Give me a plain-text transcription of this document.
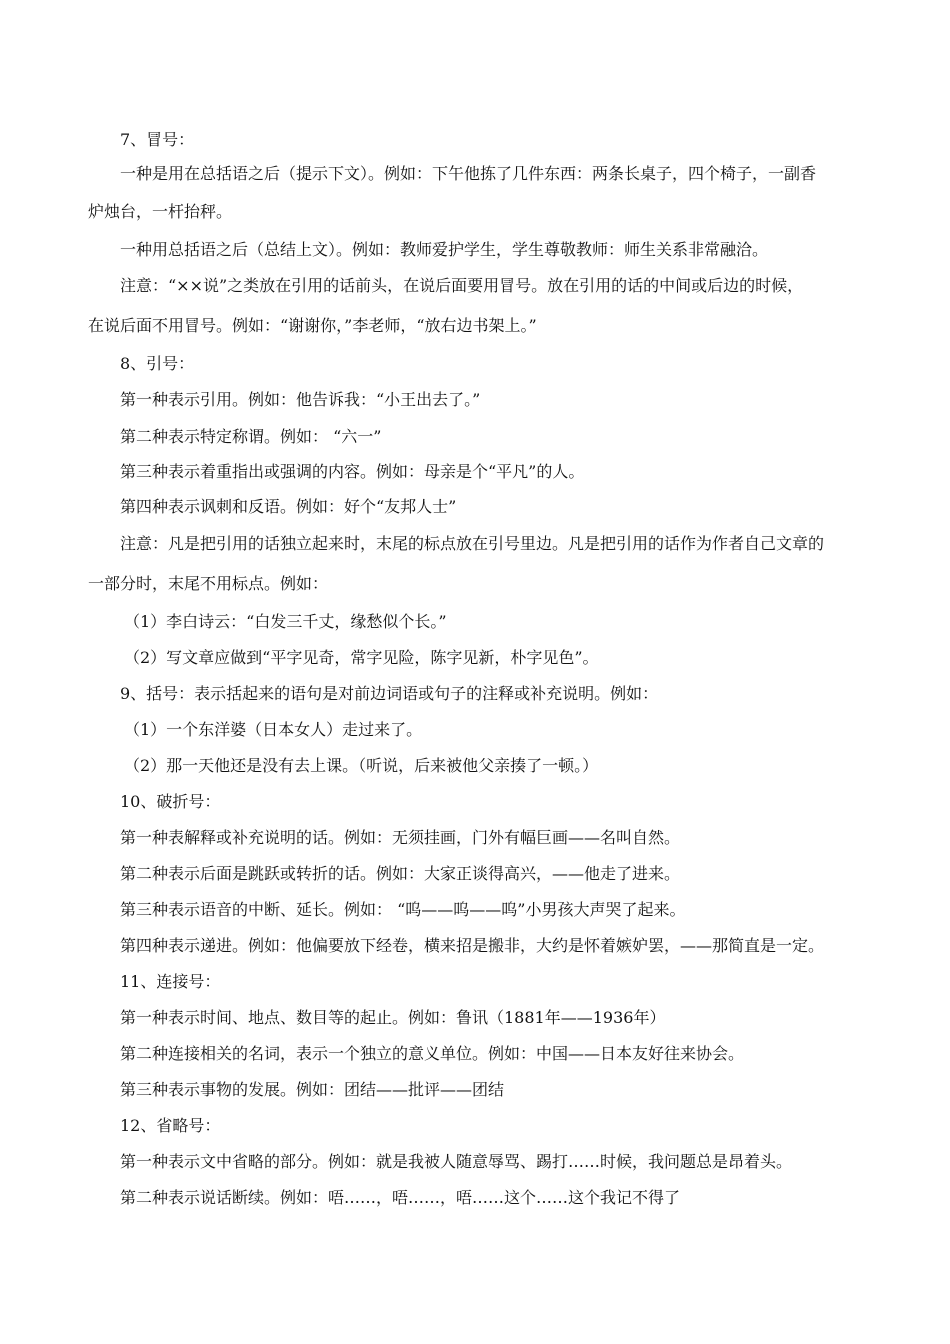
7、冒号：
一种是用在总括语之后（提示下文）。例如：下午他拣了几件东西：两条长桌子，四个椅子，一副香
炉烛台，一杆抬秤。
一种用总括语之后（总结上文）。例如：教师爱护学生，学生尊敬教师：师生关系非常融洽。
注意：“××说”之类放在引用的话前头，在说后面要用冒号。放在引用的话的中间或后边的时候，
在说后面不用冒号。例如：“谢谢你，”李老师，“放右边书架上。”
8、引号：
第一种表示引用。例如：他告诉我：“小王出去了。”
第二种表示特定称谓。例如： “六一”
第三种表示着重指出或强调的内容。例如：母亲是个“平凡”的人。
第四种表示讽刺和反语。例如：好个“友邦人士”
注意：凡是把引用的话独立起来时，末尾的标点放在引号里边。凡是把引用的话作为作者自己文章的
一部分时，末尾不用标点。例如：
（1）李白诗云：“白发三千丈，缘愁似个长。”
（2）写文章应做到“平字见奇，常字见险，陈字见新，朴字见色”。
9、括号：表示括起来的语句是对前边词语或句子的注释或补充说明。例如：
（1）一个东洋婆（日本女人）走过来了。
（2）那一天他还是没有去上课。（听说，后来被他父亲揍了一顿。）
10、破折号：
第一种表解释或补充说明的话。例如：无须挂画，门外有幅巨画——名叫自然。
第二种表示后面是跳跃或转折的话。例如：大家正谈得高兴，——他走了进来。
第三种表示语音的中断、延长。例如： “呜——呜——呜”小男孩大声哭了起来。
第四种表示递进。例如：他偏要放下经卷，横来招是搬非，大约是怀着嫉妒罢，——那简直是一定。
11、连接号：
第一种表示时间、地点、数目等的起止。例如：鲁讯（1881年——1936年）
第二种连接相关的名词，表示一个独立的意义单位。例如：中国——日本友好往来协会。
第三种表示事物的发展。例如：团结——批评——团结
12、省略号：
第一种表示文中省略的部分。例如：就是我被人随意辱骂、踢打……时候，我问题总是昂着头。
第二种表示说话断续。例如：唔……，唔……，唔……这个……这个我记不得了
